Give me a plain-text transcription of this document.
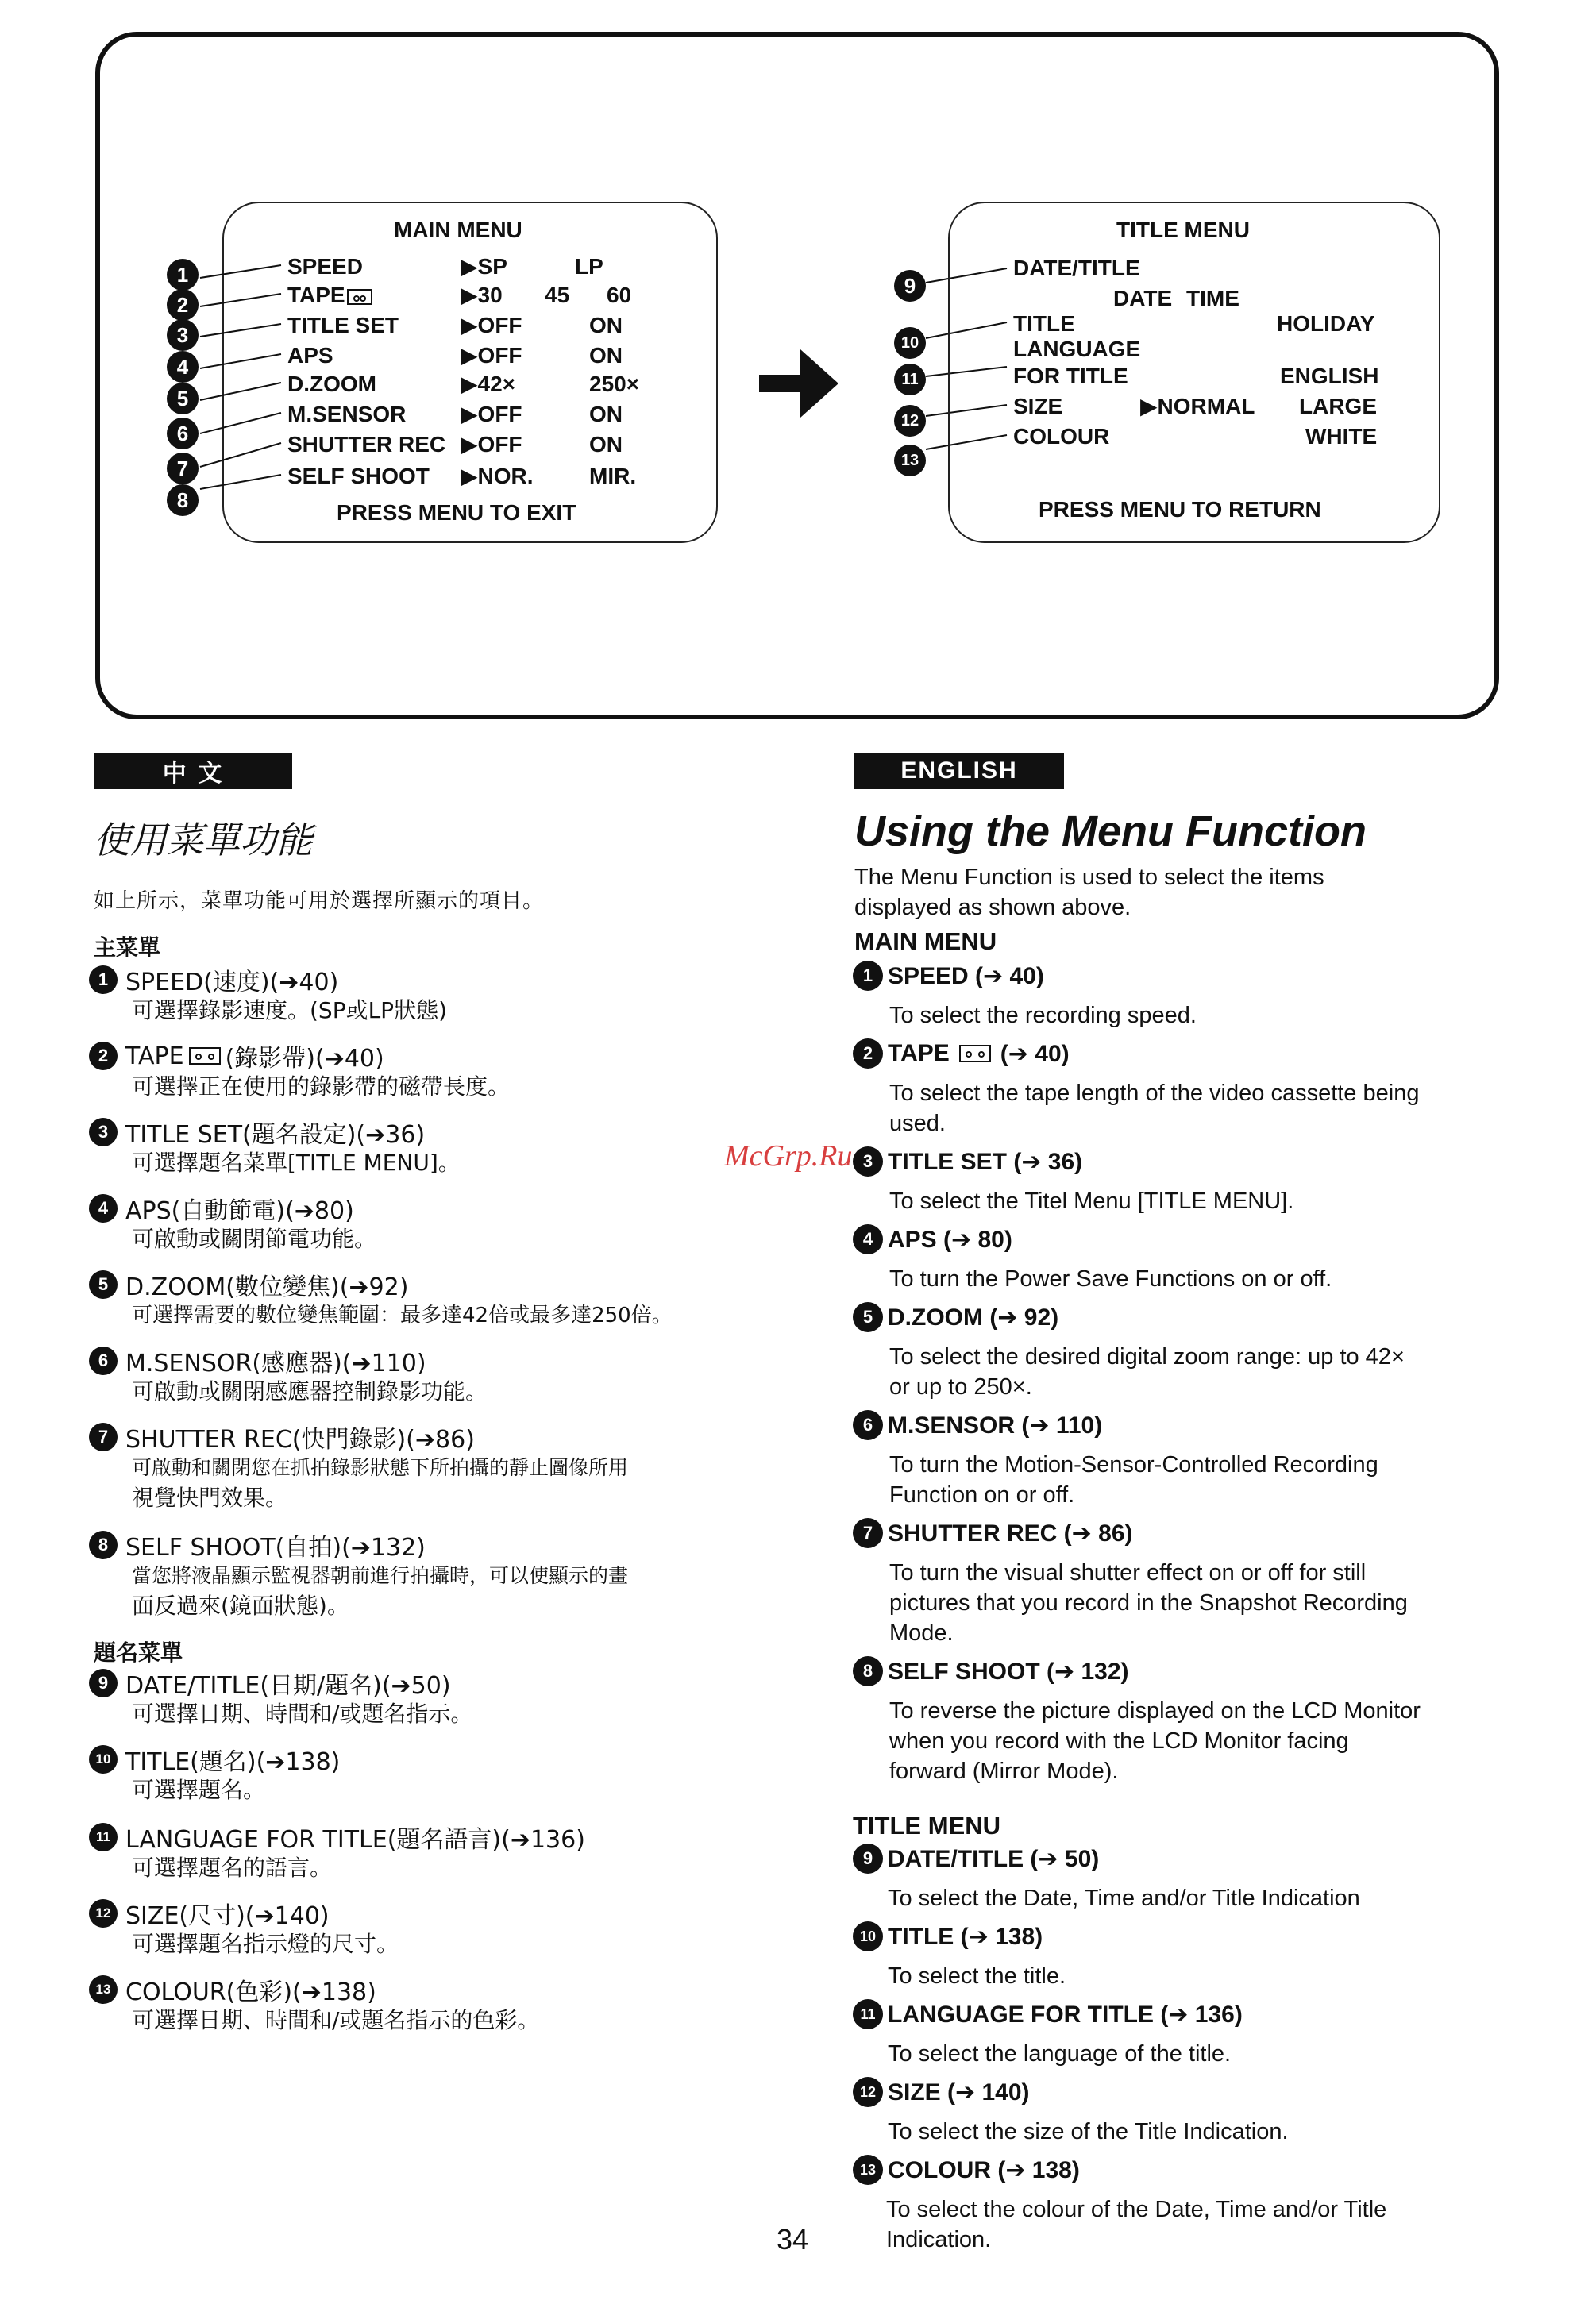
MAIN MENU
SPEED	▶SP	LP
TAPE	▶30 45 60
TITLE SET	▶OFF	ON
APS	▶OFF	ON
D.ZOOM	▶42×	250×
M.SENSOR ▶OFF	ON
SHUTTER REC ▶OFF	ON
SELF SHOOT ▶NOR.	MIR.
PRESS MENU TO EXIT
1
2
3
4
5
6
7
8
TITLE MENU
DATE/TITLE
DATE TIME
TITLE	HOLIDAY
LANGUAGE
FOR TITLE	ENGLISH
SIZE	▶NORMAL LARGE
COLOUR	WHITE
PRESS MENU TO RETURN
9
10
11
12
13
中 文
使用菜單功能
如上所示，菜單功能可用於選擇所顯示的項目。
主菜單
1 SPEED(速度)(➔40)
可選擇錄影速度。(SP或LP狀態)
2 TAPE (錄影帶)(➔40)
可選擇正在使用的錄影帶的磁帶長度。
3 TITLE SET(題名設定)(➔36)
可選擇題名菜單[TITLE MENU]。
4 APS(自動節電)(➔80)
可啟動或關閉節電功能。
5 D.ZOOM(數位變焦)(➔92)
可選擇需要的數位變焦範圍：最多達42倍或最多達250倍。
6 M.SENSOR(感應器)(➔110)
可啟動或關閉感應器控制錄影功能。
7 SHUTTER REC(快門錄影)(➔86)
可啟動和關閉您在抓拍錄影狀態下所拍攝的靜止圖像所用
視覺快門效果。
8 SELF SHOOT(自拍)(➔132)
當您將液晶顯示監視器朝前進行拍攝時，可以使顯示的畫
面反過來(鏡面狀態)。
題名菜單
9 DATE/TITLE(日期/題名)(➔50)
可選擇日期、時間和/或題名指示。
10 TITLE(題名)(➔138)
可選擇題名。
11 LANGUAGE FOR TITLE(題名語言)(➔136)
可選擇題名的語言。
12 SIZE(尺寸)(➔140)
可選擇題名指示燈的尺寸。
13 COLOUR(色彩)(➔138)
可選擇日期、時間和/或題名指示的色彩。
ENGLISH
Using the Menu Function
The Menu Function is used to select the items
displayed as shown above.
MAIN MENU
1 SPEED (➔ 40)
To select the recording speed.
2 TAPE (➔ 40)
To select the tape length of the video cassette being
used.
McGrp.Ru 3 TITLE SET (➔ 36)
To select the Titel Menu [TITLE MENU].
4 APS (➔ 80)
To turn the Power Save Functions on or off.
5 D.ZOOM (➔ 92)
To select the desired digital zoom range: up to 42×
or up to 250×.
6 M.SENSOR (➔ 110)
To turn the Motion-Sensor-Controlled Recording
Function on or off.
7 SHUTTER REC (➔ 86)
To turn the visual shutter effect on or off for still
pictures that you record in the Snapshot Recording
Mode.
8 SELF SHOOT (➔ 132)
To reverse the picture displayed on the LCD Monitor
when you record with the LCD Monitor facing
forward (Mirror Mode).
TITLE MENU
9 DATE/TITLE (➔ 50)
To select the Date, Time and/or Title Indication
10 TITLE (➔ 138)
To select the title.
11 LANGUAGE FOR TITLE (➔ 136)
To select the language of the title.
12 SIZE (➔ 140)
To select the size of the Title Indication.
13 COLOUR (➔ 138)
To select the colour of the Date, Time and/or Title
Indication.
34
